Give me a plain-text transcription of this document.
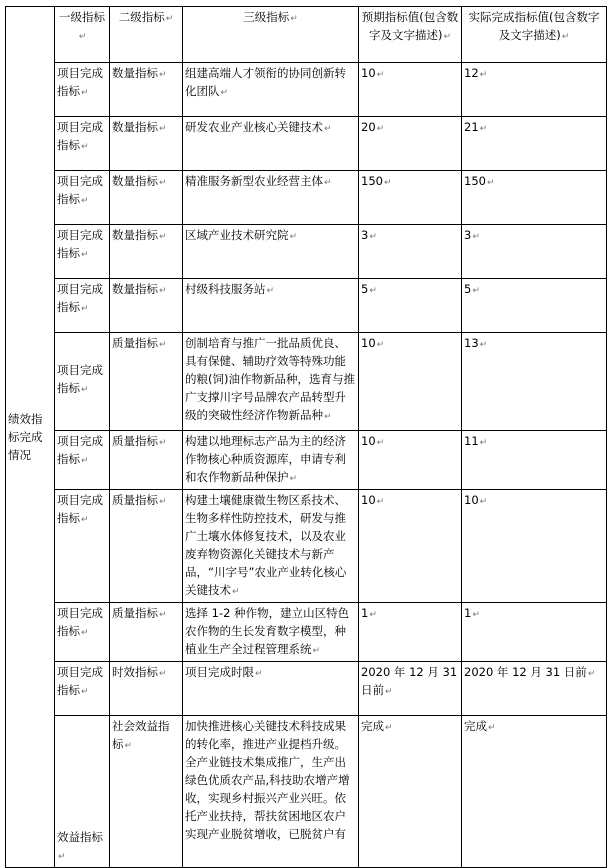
绩效指标完成情况	一级指标↵	二级指标↵	三级指标↵	预期指标值(包含数字及文字描述)↵	实际完成指标值(包含数字及文字描述)↵
	项目完成指标↵	数量指标↵	组建高端人才领衔的协同创新转化团队↵	10↵	12↵
	项目完成指标↵	数量指标↵	研发农业产业核心关键技术↵	20↵	21↵
	项目完成指标↵	数量指标↵	精准服务新型农业经营主体↵	150↵	150↵
	项目完成指标↵	数量指标↵	区域产业技术研究院↵	3↵	3↵
	项目完成指标↵	数量指标↵	村级科技服务站↵	5↵	5↵
	项目完成指标↵	质量指标↵	创制培育与推广一批品质优良、具有保健、辅助疗效等特殊功能的粮(饲)油作物新品种，选育与推广支撑川字号品牌农产品转型升级的突破性经济作物新品种↵	10↵	13↵
	项目完成指标↵	质量指标↵	构建以地理标志产品为主的经济作物核心种质资源库，申请专利和农作物新品种保护↵	10↵	11↵
	项目完成指标↵	质量指标↵	构建土壤健康微生物区系技术、生物多样性防控技术，研发与推广土壤水体修复技术，以及农业废弃物资源化关键技术与新产品，“川字号”农业产业转化核心关键技术↵	10↵	10↵
	项目完成指标↵	质量指标↵	选择 1-2 种作物，建立山区特色农作物的生长发育数字模型，种植业生产全过程管理系统↵	1↵	1↵
	项目完成指标↵	时效指标↵	项目完成时限↵	2020 年 12 月 31 日前↵	2020 年 12 月 31 日前↵
	效益指标↵	社会效益指标↵	加快推进核心关键技术科技成果的转化率，推进产业提档升级。全产业链技术集成推广，生产出绿色优质农产品,科技助农增产增收，实现乡村振兴产业兴旺。依托产业扶持，帮扶贫困地区农户实现产业脱贫增收，已脱贫户有	完成↵	完成↵
